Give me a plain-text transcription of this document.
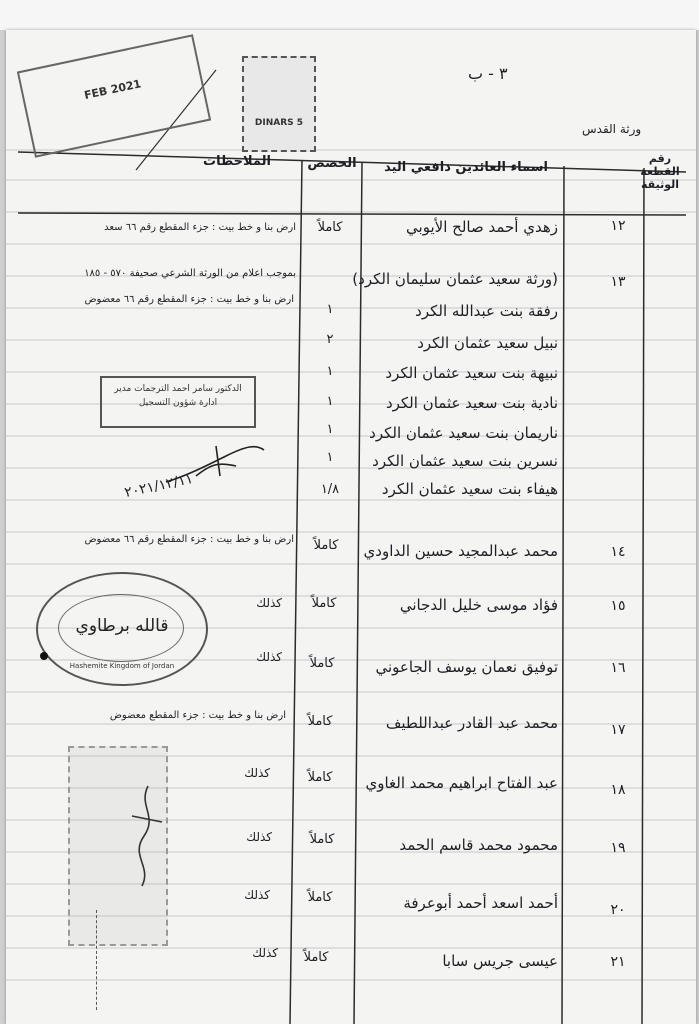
٣ - ب
ورثة القدس
FEB 2021
5 DINARS
رقم القطعة الوثيقة
اسماء العائدين دافعي اليد
الحصص
الملاحظات
١٢
زهدي أحمد صالح الأيوبي
كاملاً
ارض بنا و خط بيت : جزء المقطع رقم ٦٦ سعد
١٣
(ورثة سعيد عثمان سليمان الكرد)
بموجب اعلام من الورثة الشرعي صحيفة ٥٧٠ - ١٨٥
رفقة بنت عبدالله الكرد
١
ارض بنا و خط بيت : جزء المقطع رقم ٦٦ معضوض
نبيل سعيد عثمان الكرد
٢
نبيهة بنت سعيد عثمان الكرد
١
نادية بنت سعيد عثمان الكرد
١
ناريمان بنت سعيد عثمان الكرد
١
نسرين بنت سعيد عثمان الكرد
١
هيفاء بنت سعيد عثمان الكرد
١/٨
١٤
محمد عبدالمجيد حسين الداودي
كاملاً
ارض بنا و خط بيت : جزء المقطع رقم ٦٦ معضوض
١٥
فؤاد موسى خليل الدجاني
كاملاً
كذلك
١٦
توفيق نعمان يوسف الجاعوني
كاملاً
كذلك
١٧
محمد عبد القادر عبداللطيف
كاملاً
ارض بنا و خط بيت : جزء المقطع معضوض
١٨
عبد الفتاح ابراهيم محمد الغاوي
كاملاً
كذلك
١٩
محمود محمد قاسم الحمد
كاملاً
كذلك
٢٠
أحمد اسعد أحمد أبوعرفة
كاملاً
كذلك
٢١
عيسى جريس سابا
كاملاً
كذلك
الدكتور سامر احمد الترجمات مدير ادارة شؤون التسجيل
٢٠٢١/١٢/١١
قالله برطاوي
Hashemite Kingdom of Jordan
